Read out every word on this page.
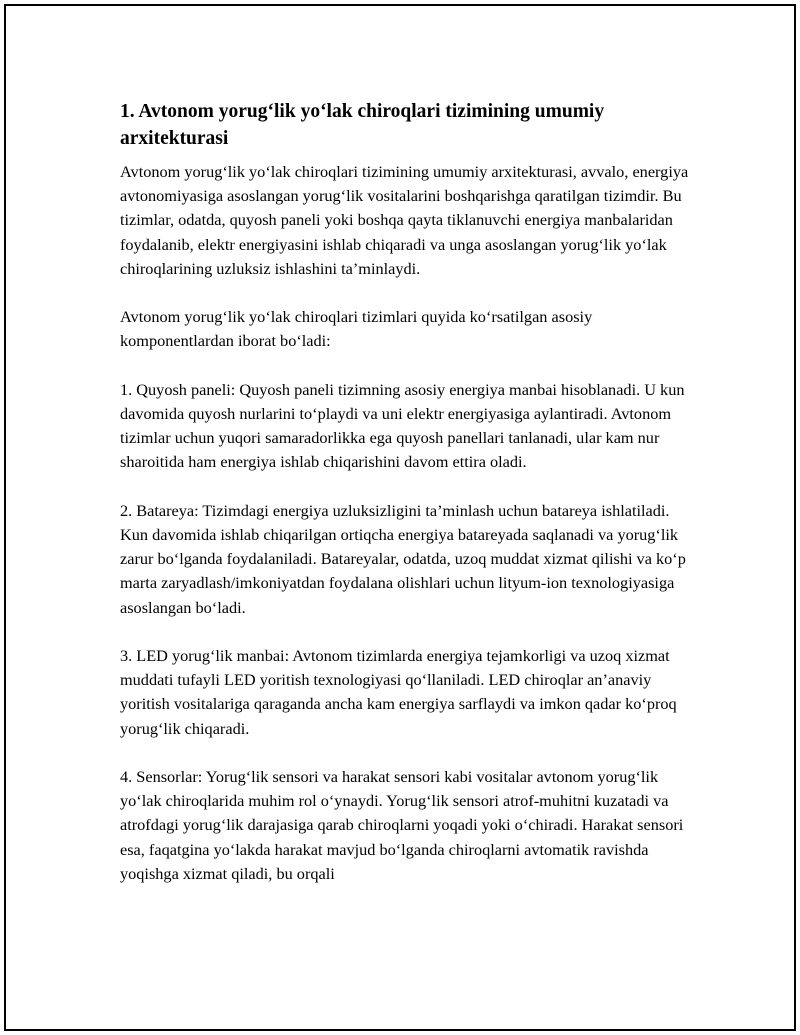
1. Avtonom yorug‘lik yo‘lak chiroqlari tizimining umumiy arxitekturasi

Avtonom yorug‘lik yo‘lak chiroqlari tizimining umumiy arxitekturasi, avvalo, energiya avtonomiyasiga asoslangan yorug‘lik vositalarini boshqarishga qaratilgan tizimdir. Bu tizimlar, odatda, quyosh paneli yoki boshqa qayta tiklanuvchi energiya manbalaridan foydalanib, elektr energiyasini ishlab chiqaradi va unga asoslangan yorug‘lik yo‘lak chiroqlarining uzluksiz ishlashini ta’minlaydi.

Avtonom yorug‘lik yo‘lak chiroqlari tizimlari quyida ko‘rsatilgan asosiy komponentlardan iborat bo‘ladi:

1. Quyosh paneli: Quyosh paneli tizimning asosiy energiya manbai hisoblanadi. U kun davomida quyosh nurlarini to‘playdi va uni elektr energiyasiga aylantiradi. Avtonom tizimlar uchun yuqori samaradorlikka ega quyosh panellari tanlanadi, ular kam nur sharoitida ham energiya ishlab chiqarishini davom ettira oladi.

2. Batareya: Tizimdagi energiya uzluksizligini ta’minlash uchun batareya ishlatiladi. Kun davomida ishlab chiqarilgan ortiqcha energiya batareyada saqlanadi va yorug‘lik zarur bo‘lganda foydalaniladi. Batareyalar, odatda, uzoq muddat xizmat qilishi va ko‘p marta zaryadlash/imkoniyatdan foydalana olishlari uchun lityum-ion texnologiyasiga asoslangan bo‘ladi.

3. LED yorug‘lik manbai: Avtonom tizimlarda energiya tejamkorligi va uzoq xizmat muddati tufayli LED yoritish texnologiyasi qo‘llaniladi. LED chiroqlar an’anaviy yoritish vositalariga qaraganda ancha kam energiya sarflaydi va imkon qadar ko‘proq yorug‘lik chiqaradi.

4. Sensorlar: Yorug‘lik sensori va harakat sensori kabi vositalar avtonom yorug‘lik yo‘lak chiroqlarida muhim rol o‘ynaydi. Yorug‘lik sensori atrof-muhitni kuzatadi va atrofdagi yorug‘lik darajasiga qarab chiroqlarni yoqadi yoki o‘chiradi. Harakat sensori esa, faqatgina yo‘lakda harakat mavjud bo‘lganda chiroqlarni avtomatik ravishda yoqishga xizmat qiladi, bu orqali
